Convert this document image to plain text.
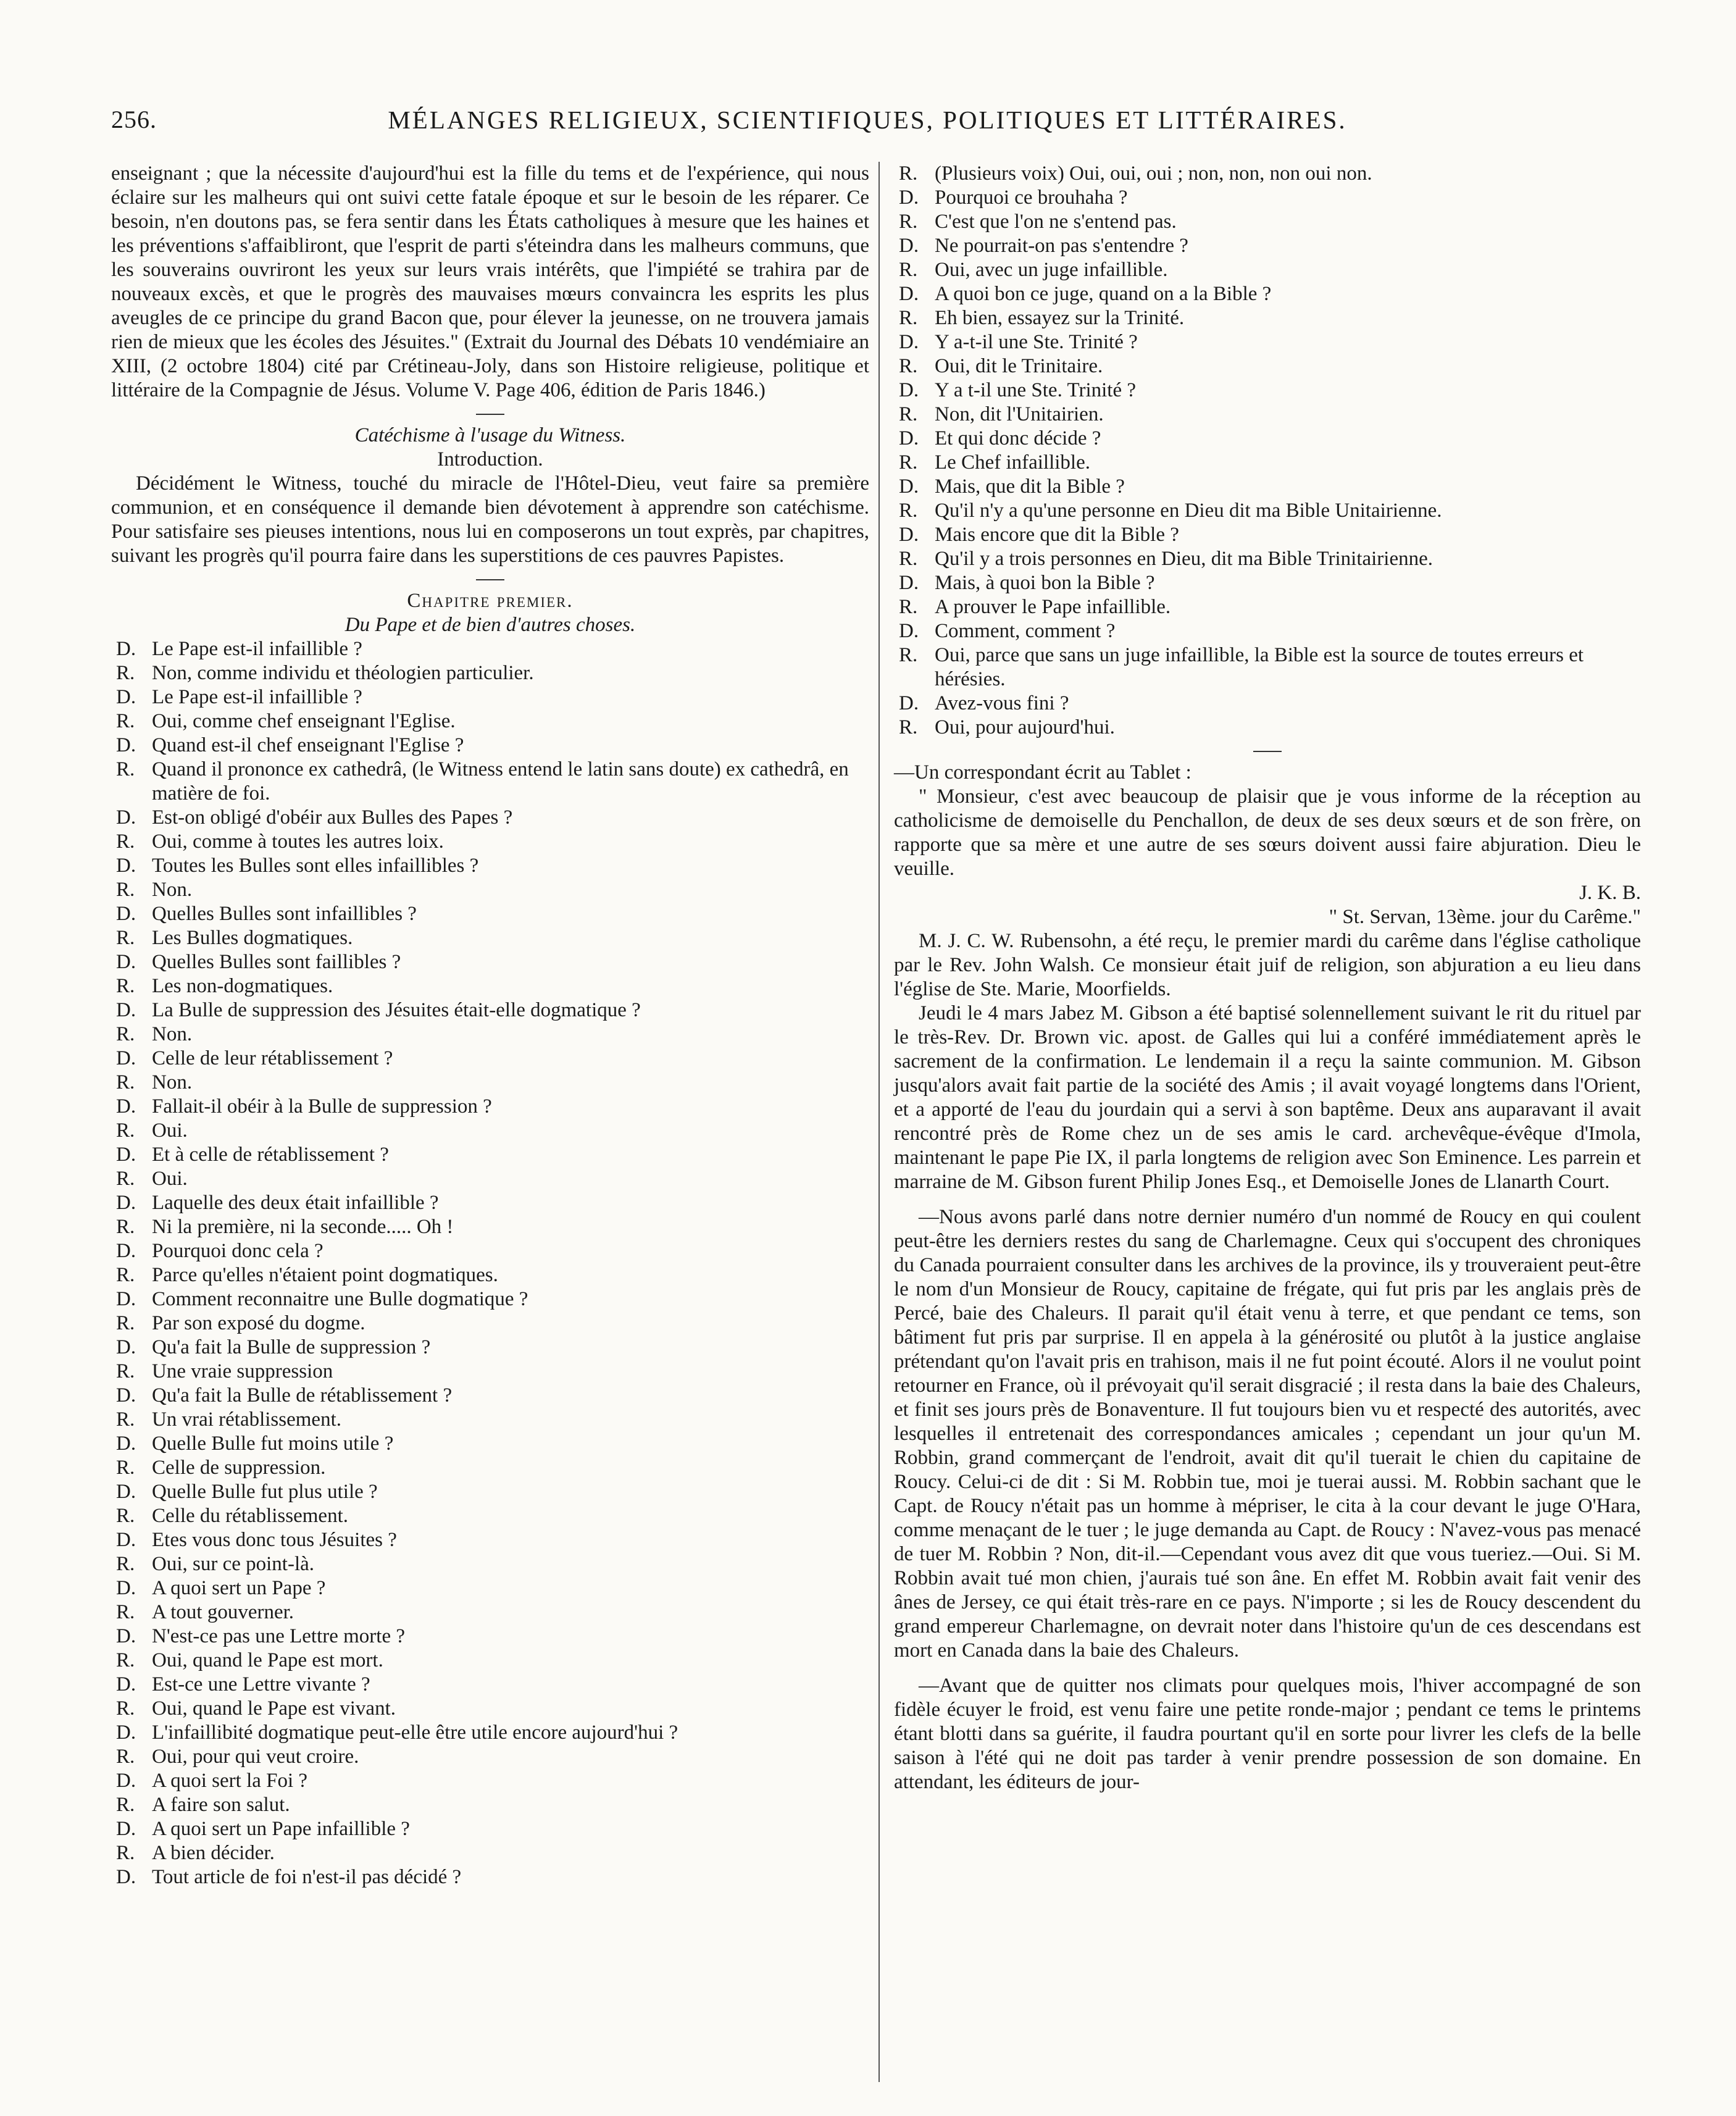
256.	MÉLANGES RELIGIEUX, SCIENTIFIQUES, POLITIQUES ET LITTÉRAIRES.

enseignant ; que la nécessite d'aujourd'hui est la fille du tems et de l'expérience, qui nous éclaire sur les malheurs qui ont suivi cette fatale époque et sur le besoin de les réparer. Ce besoin, n'en doutons pas, se fera sentir dans les États catholiques à mesure que les haines et les préventions s'affaibliront, que l'esprit de parti s'éteindra dans les malheurs communs, que les souverains ouvriront les yeux sur leurs vrais intérêts, que l'impiété se trahira par de nouveaux excès, et que le progrès des mauvaises mœurs convaincra les esprits les plus aveugles de ce principe du grand Bacon que, pour élever la jeunesse, on ne trouvera jamais rien de mieux que les écoles des Jésuites." (Extrait du Journal des Débats 10 vendémiaire an XIII, (2 octobre 1804) cité par Crétineau-Joly, dans son Histoire religieuse, politique et littéraire de la Compagnie de Jésus. Volume V. Page 406, édition de Paris 1846.)

Catéchisme à l'usage du Witness.

Introduction.

Décidément le Witness, touché du miracle de l'Hôtel-Dieu, veut faire sa première communion, et en conséquence il demande bien dévotement à apprendre son catéchisme. Pour satisfaire ses pieuses intentions, nous lui en composerons un tout exprès, par chapitres, suivant les progrès qu'il pourra faire dans les superstitions de ces pauvres Papistes.

Chapitre premier.

Du Pape et de bien d'autres choses.

D. Le Pape est-il infaillible ?
R. Non, comme individu et théologien particulier.
D. Le Pape est-il infaillible ?
R. Oui, comme chef enseignant l'Eglise.
D. Quand est-il chef enseignant l'Eglise ?
R. Quand il prononce ex cathedrâ, (le Witness entend le latin sans doute) ex cathedrâ, en matière de foi.
D. Est-on obligé d'obéir aux Bulles des Papes ?
R. Oui, comme à toutes les autres loix.
D. Toutes les Bulles sont elles infaillibles ?
R. Non.
D. Quelles Bulles sont infaillibles ?
R. Les Bulles dogmatiques.
D. Quelles Bulles sont faillibles ?
R. Les non-dogmatiques.
D. La Bulle de suppression des Jésuites était-elle dogmatique ?
R. Non.
D. Celle de leur rétablissement ?
R. Non.
D. Fallait-il obéir à la Bulle de suppression ?
R. Oui.
D. Et à celle de rétablissement ?
R. Oui.
D. Laquelle des deux était infaillible ?
R. Ni la première, ni la seconde..... Oh !
D. Pourquoi donc cela ?
R. Parce qu'elles n'étaient point dogmatiques.
D. Comment reconnaitre une Bulle dogmatique ?
R. Par son exposé du dogme.
D. Qu'a fait la Bulle de suppression ?
R. Une vraie suppression
D. Qu'a fait la Bulle de rétablissement ?
R. Un vrai rétablissement.
D. Quelle Bulle fut moins utile ?
R. Celle de suppression.
D. Quelle Bulle fut plus utile ?
R. Celle du rétablissement.
D. Etes vous donc tous Jésuites ?
R. Oui, sur ce point-là.
D. A quoi sert un Pape ?
R. A tout gouverner.
D. N'est-ce pas une Lettre morte ?
R. Oui, quand le Pape est mort.
D. Est-ce une Lettre vivante ?
R. Oui, quand le Pape est vivant.
D. L'infaillibité dogmatique peut-elle être utile encore aujourd'hui ?
R. Oui, pour qui veut croire.
D. A quoi sert la Foi ?
R. A faire son salut.
D. A quoi sert un Pape infaillible ?
R. A bien décider.
D. Tout article de foi n'est-il pas décidé ?
R. (Plusieurs voix) Oui, oui, oui ; non, non, non oui non.
D. Pourquoi ce brouhaha ?
R. C'est que l'on ne s'entend pas.
D. Ne pourrait-on pas s'entendre ?
R. Oui, avec un juge infaillible.
D. A quoi bon ce juge, quand on a la Bible ?
R. Eh bien, essayez sur la Trinité.
D. Y a-t-il une Ste. Trinité ?
R. Oui, dit le Trinitaire.
D. Y a t-il une Ste. Trinité ?
R. Non, dit l'Unitairien.
D. Et qui donc décide ?
R. Le Chef infaillible.
D. Mais, que dit la Bible ?
R. Qu'il n'y a qu'une personne en Dieu dit ma Bible Unitairienne.
D. Mais encore que dit la Bible ?
R. Qu'il y a trois personnes en Dieu, dit ma Bible Trinitairienne.
D. Mais, à quoi bon la Bible ?
R. A prouver le Pape infaillible.
D. Comment, comment ?
R. Oui, parce que sans un juge infaillible, la Bible est la source de toutes erreurs et hérésies.
D. Avez-vous fini ?
R. Oui, pour aujourd'hui.

—Un correspondant écrit au Tablet :

" Monsieur, c'est avec beaucoup de plaisir que je vous informe de la réception au catholicisme de demoiselle du Penchallon, de deux de ses deux sœurs et de son frère, on rapporte que sa mère et une autre de ses sœurs doivent aussi faire abjuration. Dieu le veuille.

J. K. B.

" St. Servan, 13ème. jour du Carême."

M. J. C. W. Rubensohn, a été reçu, le premier mardi du carême dans l'église catholique par le Rev. John Walsh. Ce monsieur était juif de religion, son abjuration a eu lieu dans l'église de Ste. Marie, Moorfields.

Jeudi le 4 mars Jabez M. Gibson a été baptisé solennellement suivant le rit du rituel par le très-Rev. Dr. Brown vic. apost. de Galles qui lui a conféré immédiatement après le sacrement de la confirmation. Le lendemain il a reçu la sainte communion. M. Gibson jusqu'alors avait fait partie de la société des Amis ; il avait voyagé longtems dans l'Orient, et a apporté de l'eau du jourdain qui a servi à son baptême. Deux ans auparavant il avait rencontré près de Rome chez un de ses amis le card. archevêque-évêque d'Imola, maintenant le pape Pie IX, il parla longtems de religion avec Son Eminence. Les parrein et marraine de M. Gibson furent Philip Jones Esq., et Demoiselle Jones de Llanarth Court.

—Nous avons parlé dans notre dernier numéro d'un nommé de Roucy en qui coulent peut-être les derniers restes du sang de Charlemagne. Ceux qui s'occupent des chroniques du Canada pourraient consulter dans les archives de la province, ils y trouveraient peut-être le nom d'un Monsieur de Roucy, capitaine de frégate, qui fut pris par les anglais près de Percé, baie des Chaleurs. Il parait qu'il était venu à terre, et que pendant ce tems, son bâtiment fut pris par surprise. Il en appela à la générosité ou plutôt à la justice anglaise prétendant qu'on l'avait pris en trahison, mais il ne fut point écouté. Alors il ne voulut point retourner en France, où il prévoyait qu'il serait disgracié ; il resta dans la baie des Chaleurs, et finit ses jours près de Bonaventure. Il fut toujours bien vu et respecté des autorités, avec lesquelles il entretenait des correspondances amicales ; cependant un jour qu'un M. Robbin, grand commerçant de l'endroit, avait dit qu'il tuerait le chien du capitaine de Roucy. Celui-ci de dit : Si M. Robbin tue, moi je tuerai aussi. M. Robbin sachant que le Capt. de Roucy n'était pas un homme à mépriser, le cita à la cour devant le juge O'Hara, comme menaçant de le tuer ; le juge demanda au Capt. de Roucy : N'avez-vous pas menacé de tuer M. Robbin ? Non, dit-il.—Cependant vous avez dit que vous tueriez.—Oui. Si M. Robbin avait tué mon chien, j'aurais tué son âne. En effet M. Robbin avait fait venir des ânes de Jersey, ce qui était très-rare en ce pays. N'importe ; si les de Roucy descendent du grand empereur Charlemagne, on devrait noter dans l'histoire qu'un de ces descendans est mort en Canada dans la baie des Chaleurs.

—Avant que de quitter nos climats pour quelques mois, l'hiver accompagné de son fidèle écuyer le froid, est venu faire une petite ronde-major ; pendant ce tems le printems étant blotti dans sa guérite, il faudra pourtant qu'il en sorte pour livrer les clefs de la belle saison à l'été qui ne doit pas tarder à venir prendre possession de son domaine. En attendant, les éditeurs de jour-
